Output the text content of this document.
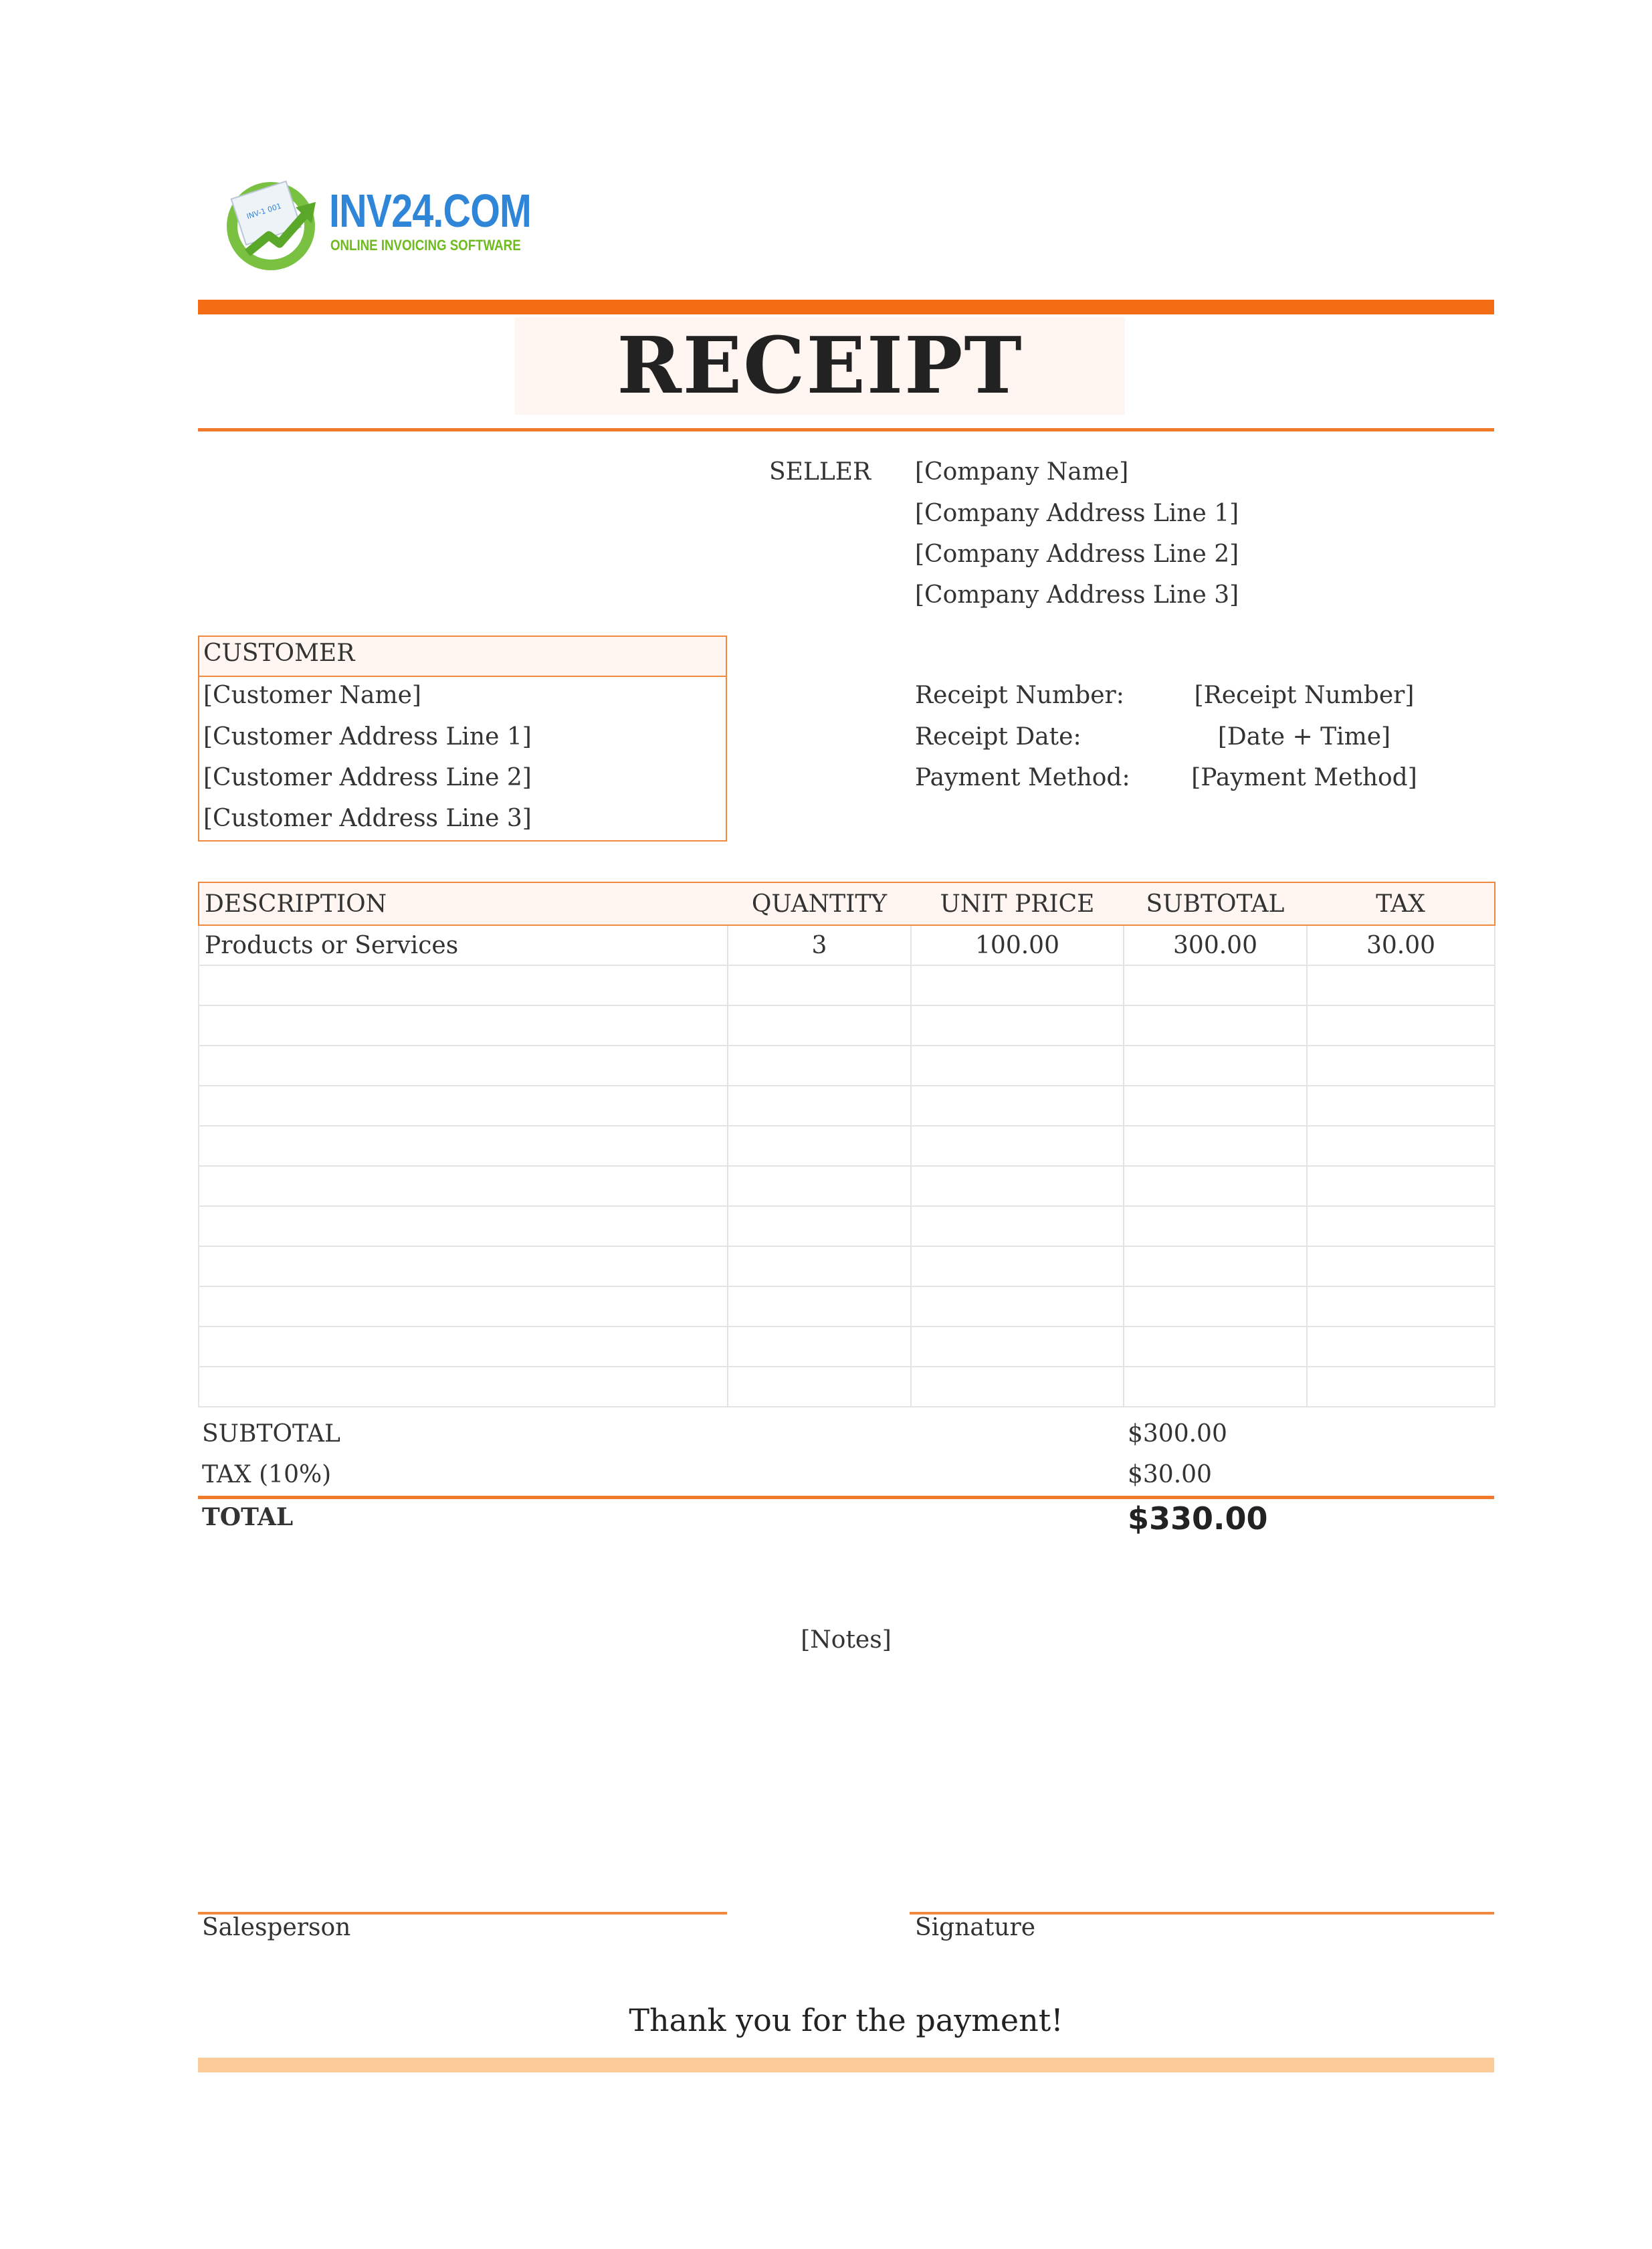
INV-1 001 INV24.COM
ONLINE INVOICING SOFTWARE
RECEIPT
SELLER [Company Name]
[Company Address Line 1]
[Company Address Line 2]
[Company Address Line 3]
CUSTOMER
[Customer Name]
[Customer Address Line 1]
[Customer Address Line 2]
[Customer Address Line 3]
Receipt Number:	[Receipt Number]
Receipt Date:	[Date + Time]
Payment Method:	[Payment Method]
DESCRIPTION	QUANTITY	UNIT PRICE	SUBTOTAL	TAX
Products or Services	3	100.00	300.00	30.00

SUBTOTAL	$300.00
TAX (10%)	$30.00
TOTAL	$330.00
[Notes]
Salesperson	Signature
Thank you for the payment!
